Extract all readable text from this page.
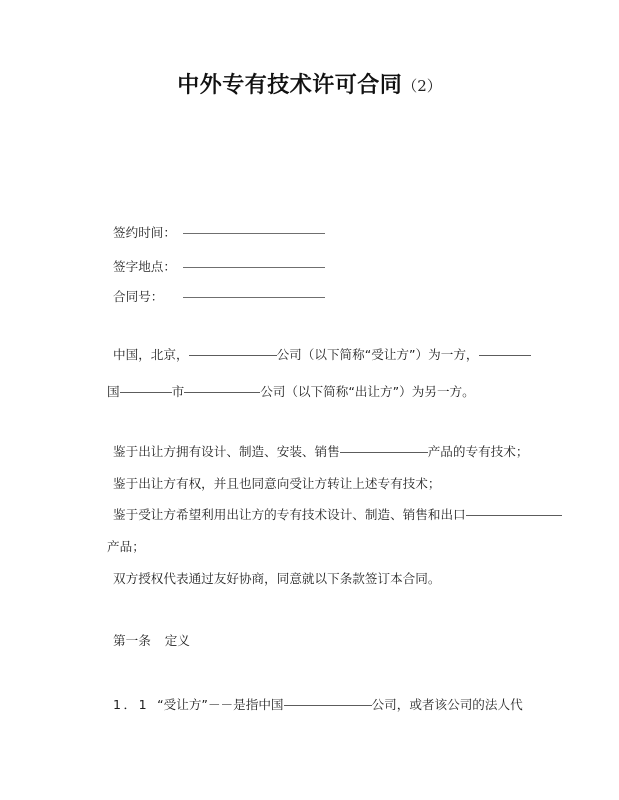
中外专有技术许可合同（2）
签约时间：
签字地点：
合同号：
中国，北京，	公司（以下简称“受让方”）为一方，
国	市	公司（以下简称“出让方”）为另一方。
鉴于出让方拥有设计、制造、安装、销售	产品的专有技术；
鉴于出让方有权，并且也同意向受让方转让上述专有技术；
鉴于受让方希望利用出让方的专有技术设计、制造、销售和出口
产品；
双方授权代表通过友好协商，同意就以下条款签订本合同。
第一条 定义
1．1 “受让方”－－是指中国	公司，或者该公司的法人代
